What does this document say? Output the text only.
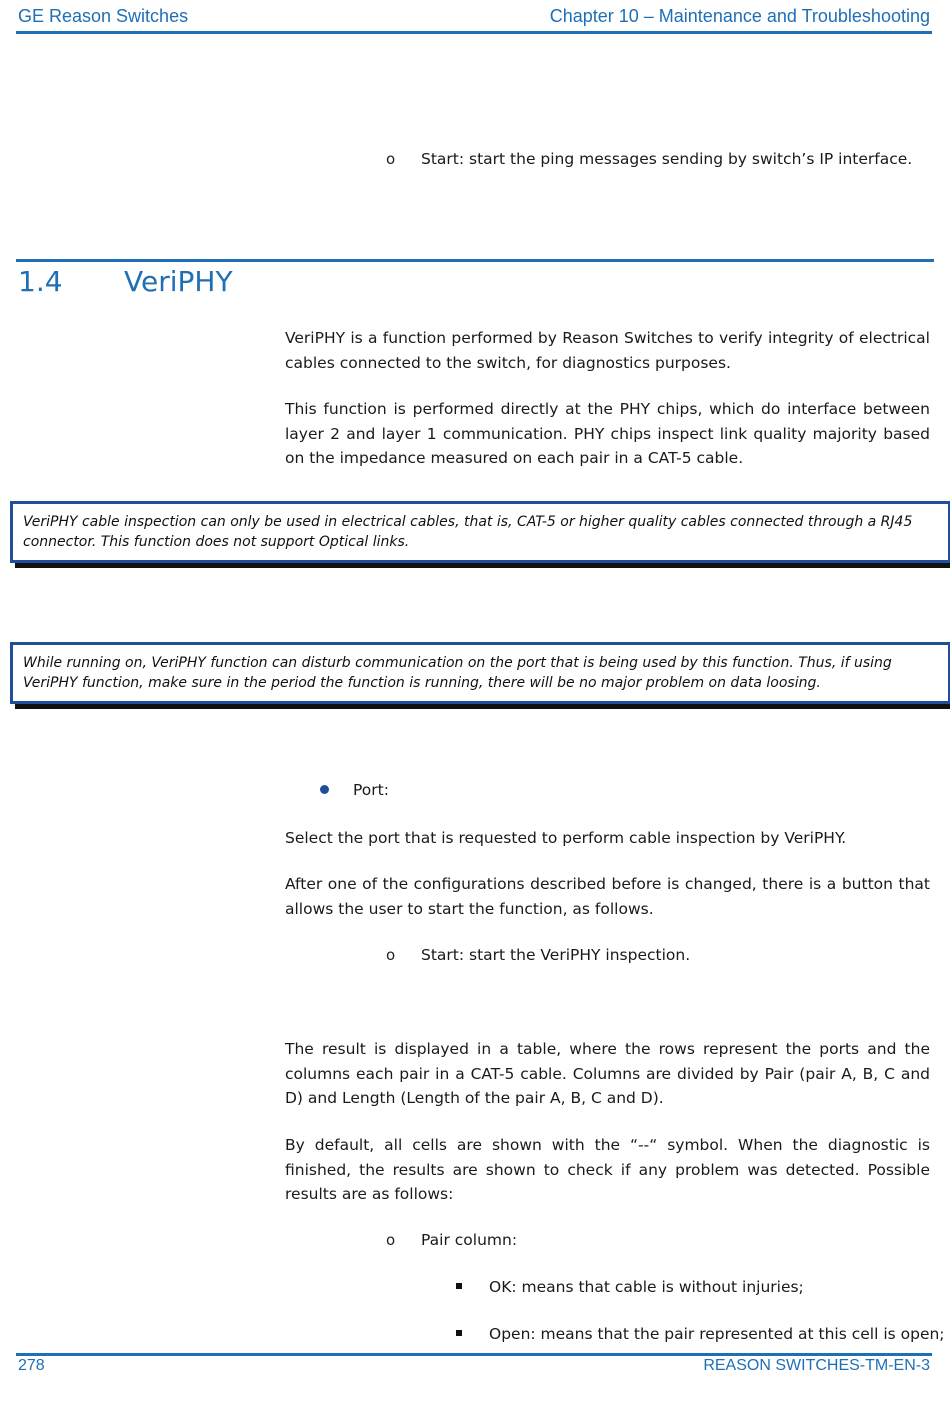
GE Reason Switches	Chapter 10 – Maintenance and Troubleshooting
o Start: start the ping messages sending by switch’s IP interface.
1.4 VeriPHY
VeriPHY is a function performed by Reason Switches to verify integrity of electrical cables connected to the switch, for diagnostics purposes.
This function is performed directly at the PHY chips, which do interface between layer 2 and layer 1 communication. PHY chips inspect link quality majority based on the impedance measured on each pair in a CAT-5 cable.
VeriPHY cable inspection can only be used in electrical cables, that is, CAT-5 or higher quality cables connected through a RJ45 connector. This function does not support Optical links.
While running on, VeriPHY function can disturb communication on the port that is being used by this function. Thus, if using VeriPHY function, make sure in the period the function is running, there will be no major problem on data loosing.
Port:
Select the port that is requested to perform cable inspection by VeriPHY.
After one of the configurations described before is changed, there is a button that allows the user to start the function, as follows.
o Start: start the VeriPHY inspection.
The result is displayed in a table, where the rows represent the ports and the columns each pair in a CAT-5 cable. Columns are divided by Pair (pair A, B, C and D) and Length (Length of the pair A, B, C and D).
By default, all cells are shown with the “--“ symbol. When the diagnostic is finished, the results are shown to check if any problem was detected. Possible results are as follows:
o Pair column:
OK: means that cable is without injuries;
Open: means that the pair represented at this cell is open;
278	REASON SWITCHES-TM-EN-3
